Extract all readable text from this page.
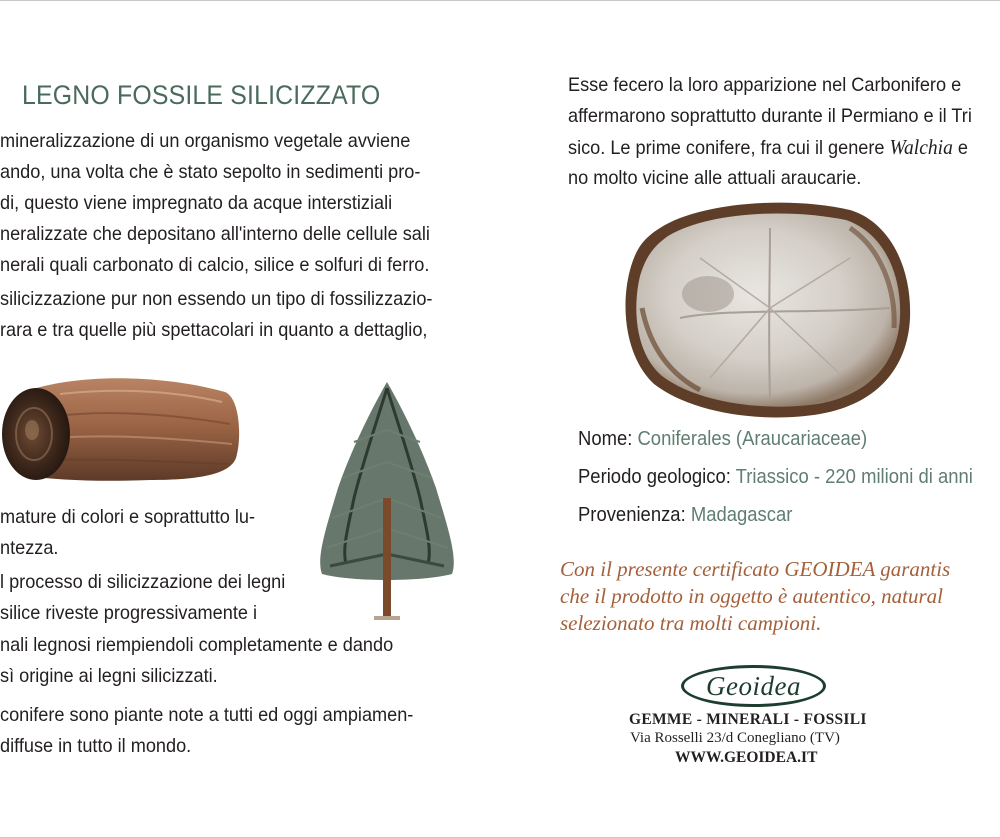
LEGNO FOSSILE SILICIZZATO
mineralizzazione di un organismo vegetale avviene
ando, una volta che è stato sepolto in sedimenti pro-
di, questo viene impregnato da acque interstiziali
neralizzate che depositano all'interno delle cellule sali
nerali quali carbonato di calcio, silice e solfuri di ferro.
silicizzazione pur non essendo un tipo di fossilizzazio-
rara e tra quelle più spettacolari in quanto a dettaglio,
mature di colori e soprattutto lu-
ntezza.
l processo di silicizzazione dei legni
silice riveste progressivamente i
nali legnosi riempiendoli completamente e dando
sì origine ai legni silicizzati.
conifere sono piante note a tutti ed oggi ampiamen-
diffuse in tutto il mondo.
Esse fecero la loro apparizione nel Carbonifero e
affermarono soprattutto durante il Permiano e il Tri
sico. Le prime conifere, fra cui il genere Walchia e
no molto vicine alle attuali araucarie.
Nome: Coniferales (Araucariaceae)
Periodo geologico: Triassico - 220 milioni di anni
Provenienza: Madagascar
Con il presente certificato GEOIDEA garantis
che il prodotto in oggetto è autentico, natural
selezionato tra molti campioni.
Geoidea
GEMME - MINERALI - FOSSILI
Via Rosselli 23/d Conegliano (TV)
WWW.GEOIDEA.IT
